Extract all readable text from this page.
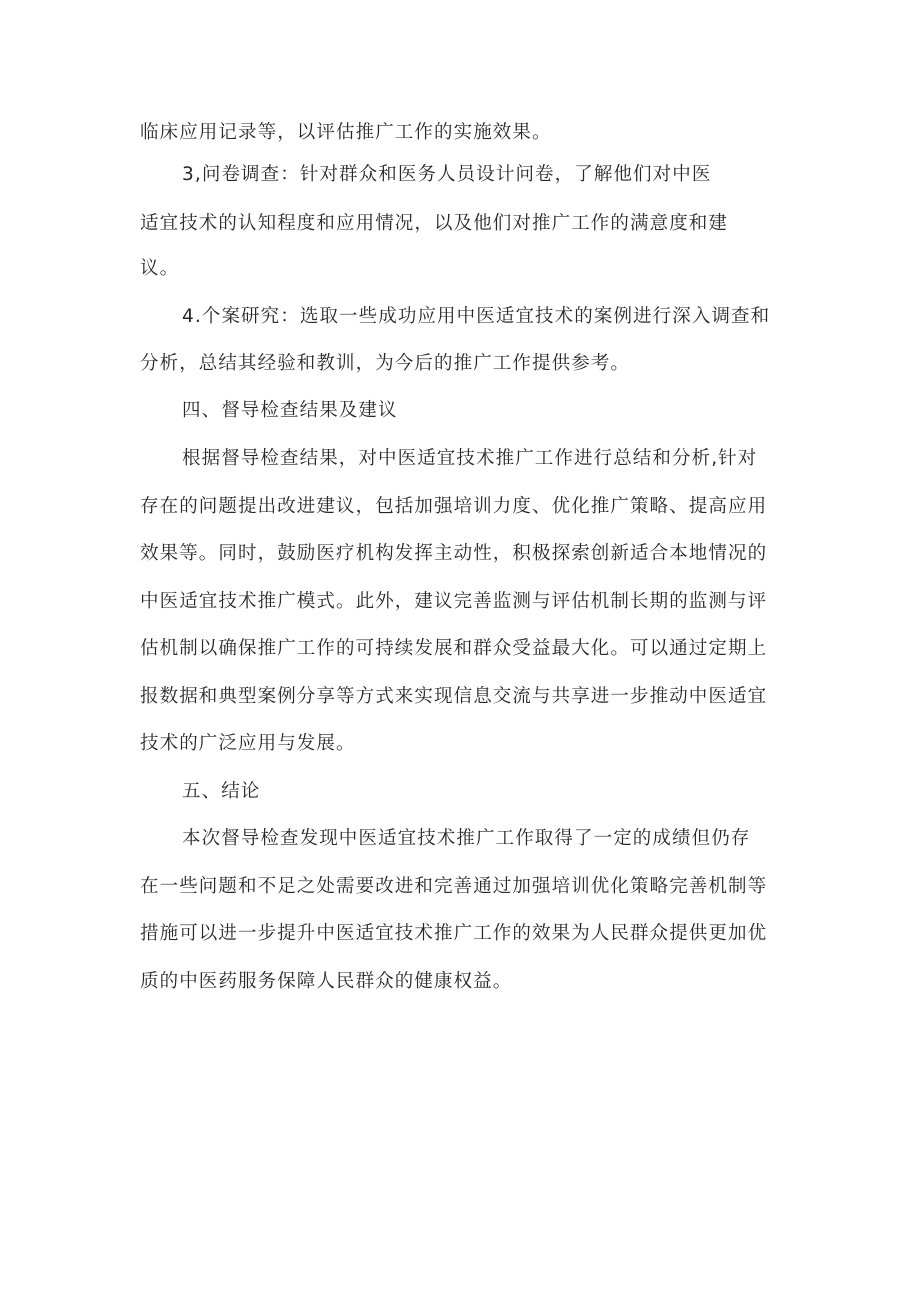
临床应用记录等，以评估推广工作的实施效果。
3,问卷调查：针对群众和医务人员设计问卷，了解他们对中医
适宜技术的认知程度和应用情况，以及他们对推广工作的满意度和建
议。
4.个案研究：选取一些成功应用中医适宜技术的案例进行深入调查和
分析，总结其经验和教训，为今后的推广工作提供参考。
四、督导检查结果及建议
根据督导检查结果，对中医适宜技术推广工作进行总结和分析,针对
存在的问题提出改进建议，包括加强培训力度、优化推广策略、提高应用
效果等。同时，鼓励医疗机构发挥主动性，积极探索创新适合本地情况的
中医适宜技术推广模式。此外，建议完善监测与评估机制长期的监测与评
估机制以确保推广工作的可持续发展和群众受益最大化。可以通过定期上
报数据和典型案例分享等方式来实现信息交流与共享进一步推动中医适宜
技术的广泛应用与发展。
五、结论
本次督导检查发现中医适宜技术推广工作取得了一定的成绩但仍存
在一些问题和不足之处需要改进和完善通过加强培训优化策略完善机制等
措施可以进一步提升中医适宜技术推广工作的效果为人民群众提供更加优
质的中医药服务保障人民群众的健康权益。
